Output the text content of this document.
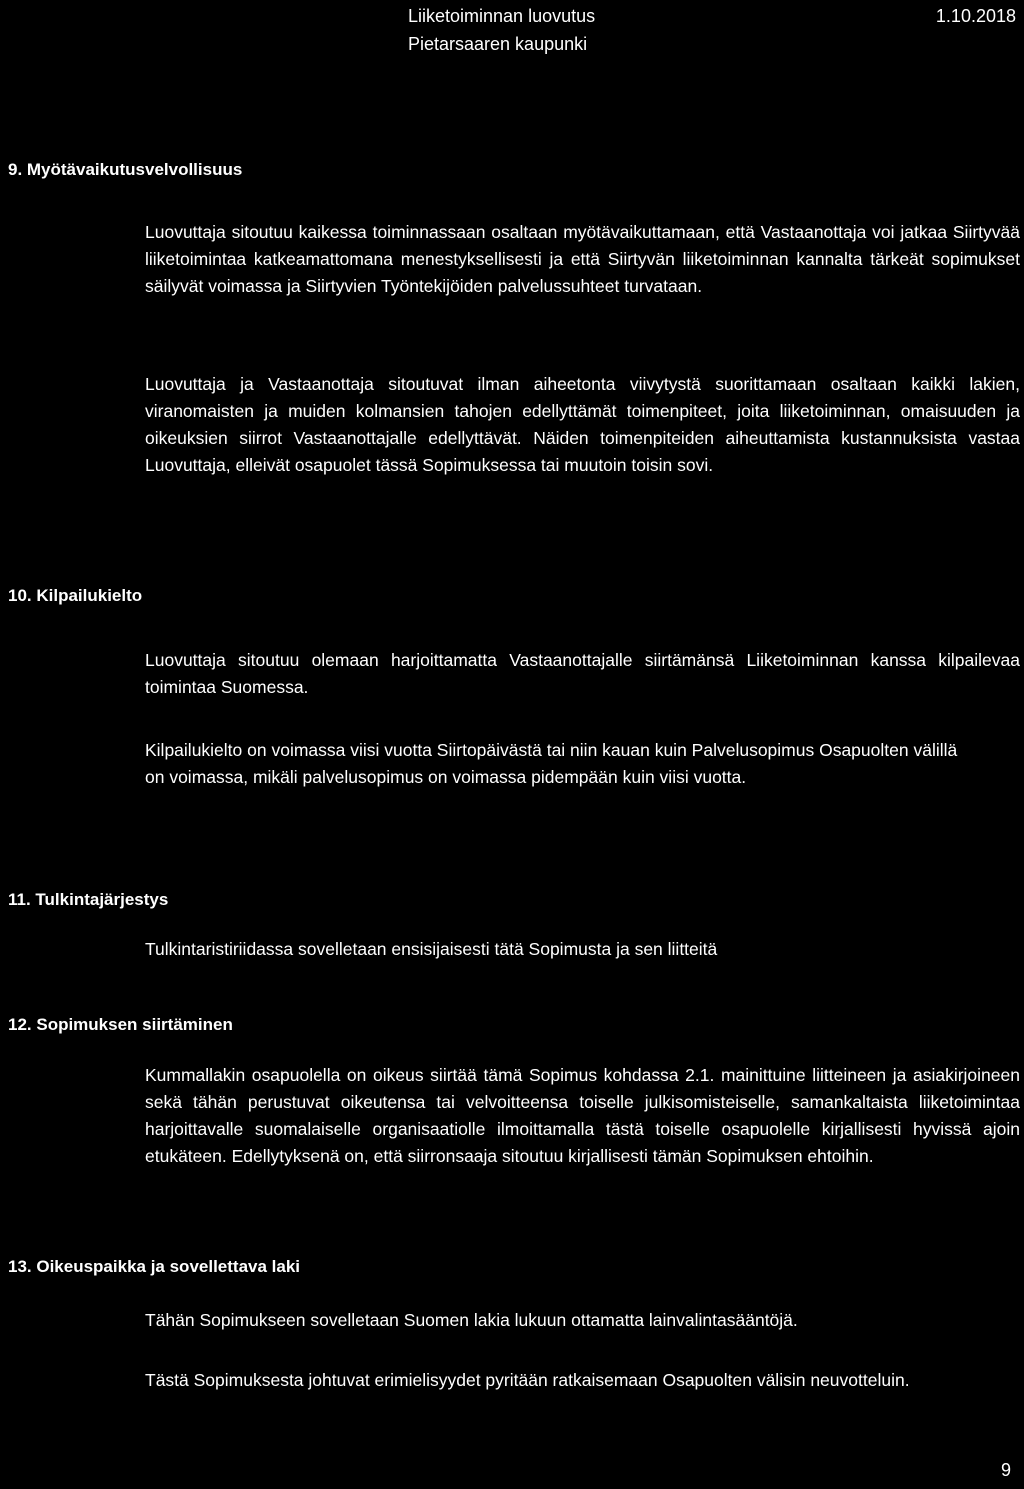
Liiketoiminnan luovutus	1.10.2018
Pietarsaaren kaupunki
9. Myötävaikutusvelvollisuus

Luovuttaja sitoutuu kaikessa toiminnassaan osaltaan myötävaikuttamaan, että Vastaanottaja voi jatkaa Siirtyvää liiketoimintaa katkeamattomana menestyksellisesti ja että Siirtyvän liiketoiminnan kannalta tärkeät sopimukset säilyvät voimassa ja Siirtyvien Työntekijöiden palvelussuhteet turvataan.

Luovuttaja ja Vastaanottaja sitoutuvat ilman aiheetonta viivytystä suorittamaan osaltaan kaikki lakien, viranomaisten ja muiden kolmansien tahojen edellyttämät toimenpiteet, joita liiketoiminnan, omaisuuden ja oikeuksien siirrot Vastaanottajalle edellyttävät. Näiden toimenpiteiden aiheuttamista kustannuksista vastaa Luovuttaja, elleivät osapuolet tässä Sopimuksessa tai muutoin toisin sovi.

10. Kilpailukielto

Luovuttaja sitoutuu olemaan harjoittamatta Vastaanottajalle siirtämänsä Liiketoiminnan kanssa kilpailevaa toimintaa Suomessa.

Kilpailukielto on voimassa viisi vuotta Siirtopäivästä tai niin kauan kuin Palvelusopimus Osapuolten välillä on voimassa, mikäli palvelusopimus on voimassa pidempään kuin viisi vuotta.

11. Tulkintajärjestys

Tulkintaristiriidassa sovelletaan ensisijaisesti tätä Sopimusta ja sen liitteitä

12. Sopimuksen siirtäminen

Kummallakin osapuolella on oikeus siirtää tämä Sopimus kohdassa 2.1. mainittuine liitteineen ja asiakirjoineen sekä tähän perustuvat oikeutensa tai velvoitteensa toiselle julkisomisteiselle, samankaltaista liiketoimintaa harjoittavalle suomalaiselle organisaatiolle ilmoittamalla tästä toiselle osapuolelle kirjallisesti hyvissä ajoin etukäteen. Edellytyksenä on, että siirronsaaja sitoutuu kirjallisesti tämän Sopimuksen ehtoihin.

13. Oikeuspaikka ja sovellettava laki

Tähän Sopimukseen sovelletaan Suomen lakia lukuun ottamatta lainvalintasääntöjä.

Tästä Sopimuksesta johtuvat erimielisyydet pyritään ratkaisemaan Osapuolten välisin neuvotteluin.

9
